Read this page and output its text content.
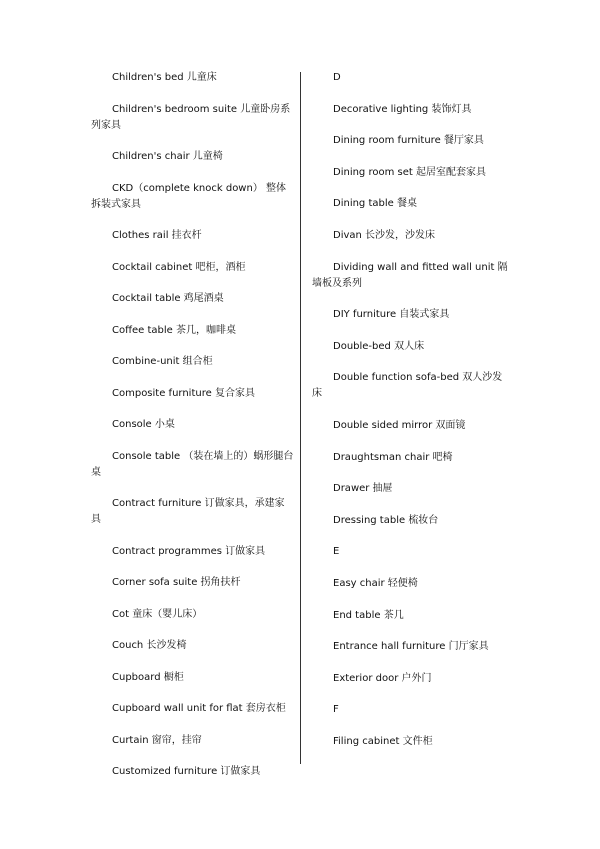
Children's bed 儿童床

Children's bedroom suite 儿童卧房系列家具

Children's chair 儿童椅

CKD（complete knock down） 整体拆装式家具

Clothes rail 挂衣杆

Cocktail cabinet 吧柜，酒柜

Cocktail table 鸡尾酒桌

Coffee table 茶几，咖啡桌

Combine-unit 组合柜

Composite furniture 复合家具

Console 小桌

Console table （装在墙上的）蜗形腿台桌

Contract furniture 订做家具，承建家具

Contract programmes 订做家具

Corner sofa suite 拐角扶杆

Cot 童床（婴儿床）

Couch 长沙发椅

Cupboard 橱柜

Cupboard wall unit for flat 套房衣柜

Curtain 窗帘，挂帘

Customized furniture 订做家具

D

Decorative lighting 装饰灯具

Dining room furniture 餐厅家具

Dining room set 起居室配套家具

Dining table 餐桌

Divan 长沙发，沙发床

Dividing wall and fitted wall unit 隔墙板及系列

DIY furniture 自装式家具

Double-bed 双人床

Double function sofa-bed 双人沙发床

Double sided mirror 双面镜

Draughtsman chair 吧椅

Drawer 抽屉

Dressing table 梳妆台

E

Easy chair 轻便椅

End table 茶几

Entrance hall furniture 门厅家具

Exterior door 户外门

F

Filing cabinet 文件柜
